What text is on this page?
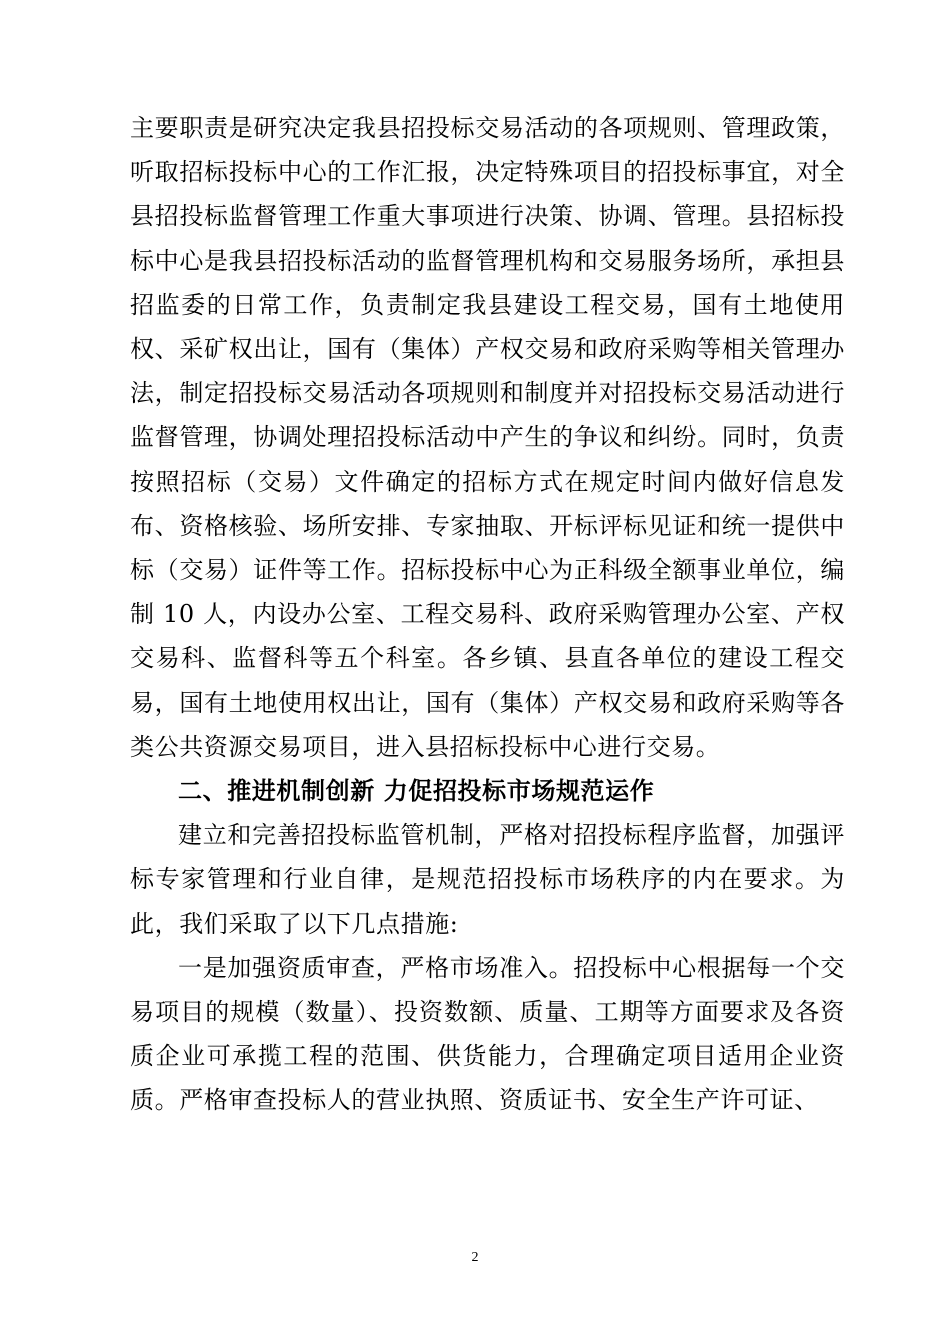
主要职责是研究决定我县招投标交易活动的各项规则、管理政策，听取招标投标中心的工作汇报，决定特殊项目的招投标事宜，对全县招投标监督管理工作重大事项进行决策、协调、管理。县招标投标中心是我县招投标活动的监督管理机构和交易服务场所，承担县招监委的日常工作，负责制定我县建设工程交易，国有土地使用权、采矿权出让，国有（集体）产权交易和政府采购等相关管理办法，制定招投标交易活动各项规则和制度并对招投标交易活动进行监督管理，协调处理招投标活动中产生的争议和纠纷。同时，负责按照招标（交易）文件确定的招标方式在规定时间内做好信息发布、资格核验、场所安排、专家抽取、开标评标见证和统一提供中标（交易）证件等工作。招标投标中心为正科级全额事业单位，编制 10 人，内设办公室、工程交易科、政府采购管理办公室、产权交易科、监督科等五个科室。各乡镇、县直各单位的建设工程交易，国有土地使用权出让，国有（集体）产权交易和政府采购等各类公共资源交易项目，进入县招标投标中心进行交易。

二、推进机制创新 力促招投标市场规范运作

建立和完善招投标监管机制，严格对招投标程序监督，加强评标专家管理和行业自律，是规范招投标市场秩序的内在要求。为此，我们采取了以下几点措施:

一是加强资质审查，严格市场准入。招投标中心根据每一个交易项目的规模（数量）、投资数额、质量、工期等方面要求及各资质企业可承揽工程的范围、供货能力，合理确定项目适用企业资质。严格审查投标人的营业执照、资质证书、安全生产许可证、

2
